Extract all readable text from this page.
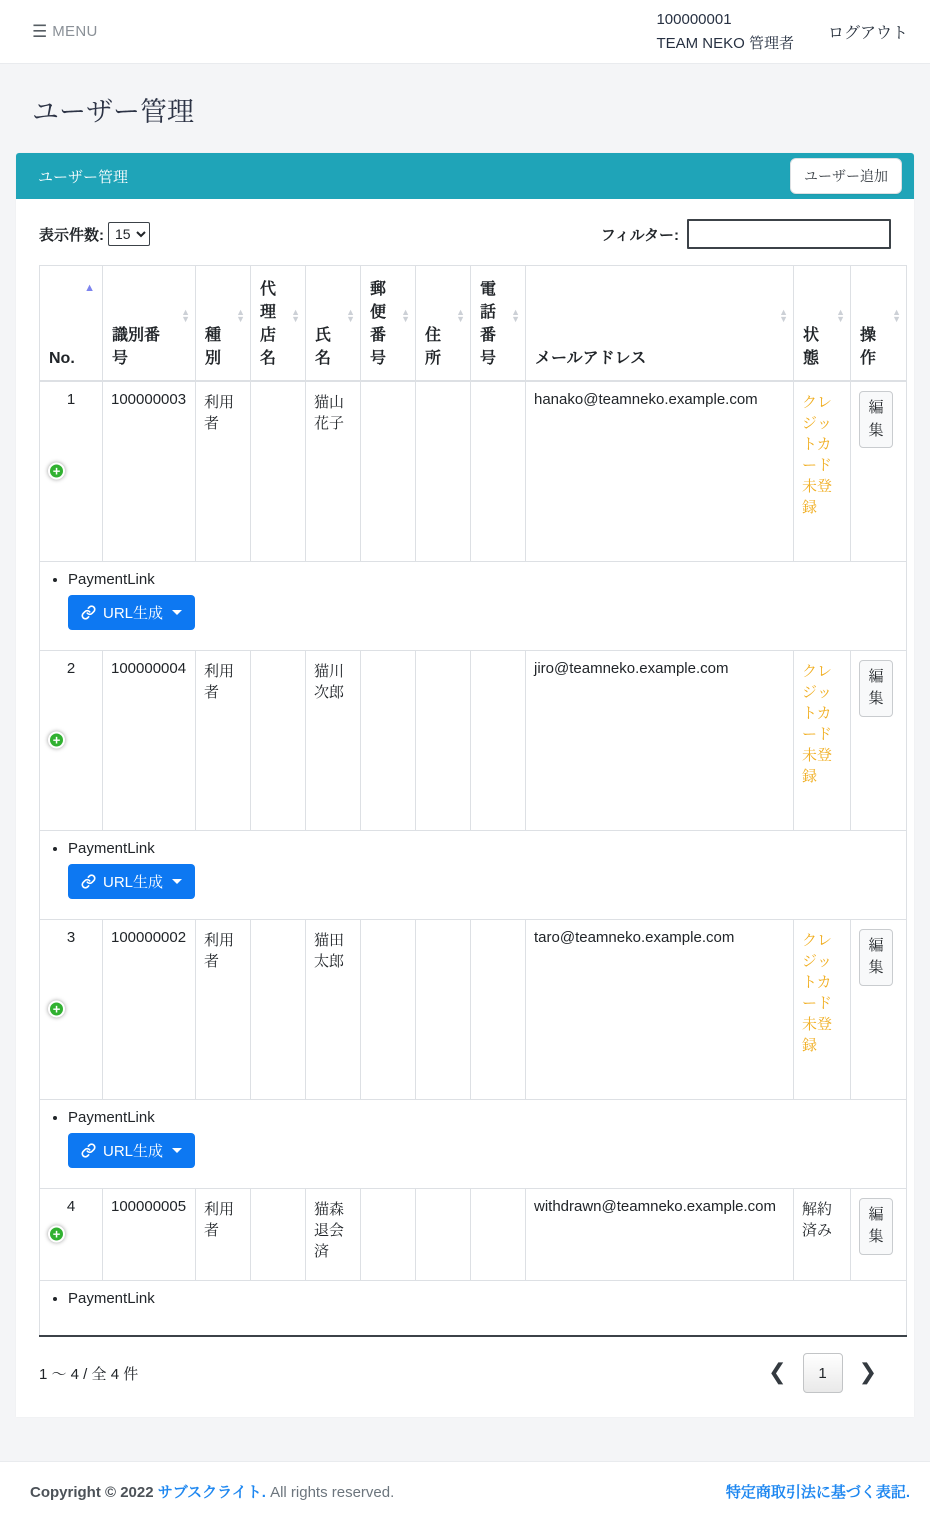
☰ MENU
100000001
TEAM NEKO 管理者
ログアウト
ユーザー管理
ユーザー管理	ユーザー追加
表示件数:
15	フィルター:
No.
▲	識別番号
▲
▼	種別
▲
▼	代理店名
▲
▼	氏名
▲
▼	郵便番号
▲
▼	住所
▲
▼	電話番号
▲
▼	メールアドレス
▲
▼	状態
▲
▼	操作
▲
▼

1
+	100000003	利用者		猫山花子				hanako@teamneko.example.com	クレジットカード未登録	編集

PaymentLink
URL生成										

2
+	100000004	利用者		猫川次郎				jiro@teamneko.example.com	クレジットカード未登録	編集

PaymentLink
URL生成										

3
+	100000002	利用者		猫田太郎				taro@teamneko.example.com	クレジットカード未登録	編集

PaymentLink
URL生成										

4
+	100000005	利用者		猫森退会済				withdrawn@teamneko.example.com	解約済み	編集

PaymentLink										
1 ～ 4 / 全 4 件	❮	1	❯
Copyright © 2022 サブスクライト. All rights reserved.	特定商取引法に基づく表記.
